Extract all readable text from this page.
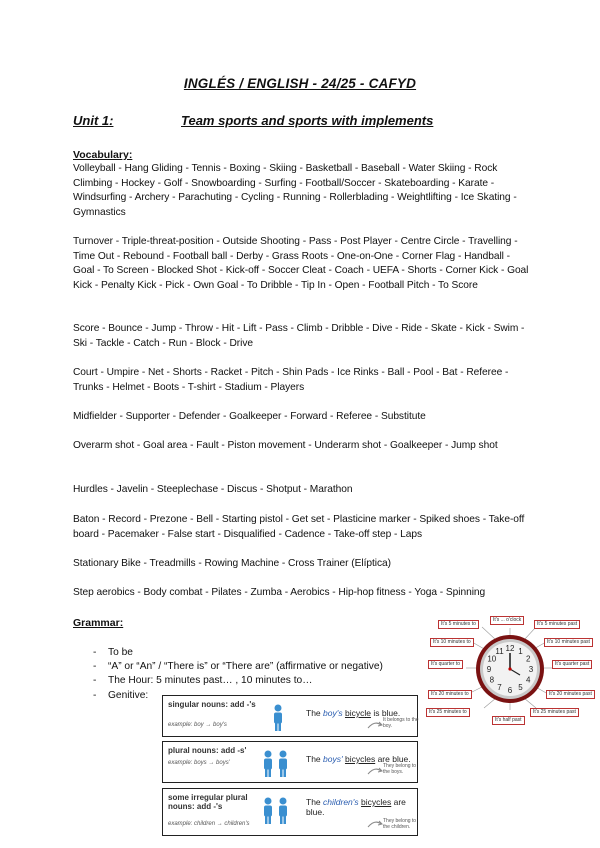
INGLÉS / ENGLISH - 24/25 - CAFYD
Unit 1:	Team sports and sports with implements
Vocabulary:
Volleyball - Hang Gliding - Tennis - Boxing - Skiing - Basketball - Baseball - Water Skiing - Rock Climbing - Hockey - Golf - Snowboarding - Surfing - Football/Soccer - Skateboarding - Karate - Windsurfing - Archery - Parachuting - Cycling - Running - Rollerblading - Weightlifting - Ice Skating - Gymnastics
Turnover - Triple-threat-position - Outside Shooting - Pass - Post Player - Centre Circle - Travelling - Time Out - Rebound - Football ball - Derby - Grass Roots - One-on-One - Corner Flag - Handball - Goal - To Screen - Blocked Shot - Kick-off - Soccer Cleat - Coach - UEFA - Shorts - Corner Kick - Goal Kick - Penalty Kick - Pick - Own Goal - To Dribble - Tip In - Open - Football Pitch - To Score
Score - Bounce - Jump - Throw - Hit - Lift - Pass - Climb - Dribble - Dive - Ride - Skate - Kick - Swim - Ski - Tackle - Catch - Run - Block - Drive
Court - Umpire - Net - Shorts - Racket - Pitch - Shin Pads - Ice Rinks - Ball - Pool - Bat - Referee - Trunks - Helmet - Boots - T-shirt - Stadium - Players
Midfielder - Supporter - Defender - Goalkeeper - Forward - Referee - Substitute
Overarm shot - Goal area - Fault - Piston movement - Underarm shot - Goalkeeper - Jump shot
Hurdles - Javelin - Steeplechase - Discus - Shotput - Marathon
Baton - Record - Prezone - Bell - Starting pistol - Get set - Plasticine marker - Spiked shoes - Take-off board - Pacemaker - False start - Disqualified - Cadence - Take-off step - Laps
Stationary Bike - Treadmills - Rowing Machine - Cross Trainer (Elíptica)
Step aerobics - Body combat - Pilates - Zumba - Aerobics - Hip-hop fitness - Yoga - Spinning
Grammar:
- To be
- “A” or “An” / “There is” or “There are” (affirmative or negative)
- The Hour: 5 minutes past… , 10 minutes to…
- Genitive:
singular nouns: add -'s
example: boy → boy's
The boy's bicycle is blue.
It belongs to the boy.
plural nouns: add -s'
example: boys → boys'	The boys' bicycles are blue.
They belong to the boys.
some irregular plural nouns: add -'s
example: children → children's
The children's bicycles are blue.
They belong to the children.
12 1
2
3
4
5
6
7
8
9
10
11
It's ... o'clock
It's 5 minutes past
It's 10 minutes past
It's quarter past
It's 20 minutes past
It's 25 minutes past
It's half past
It's 25 minutes to
It's 20 minutes to
It's quarter to
It's 10 minutes to
It's 5 minutes to
